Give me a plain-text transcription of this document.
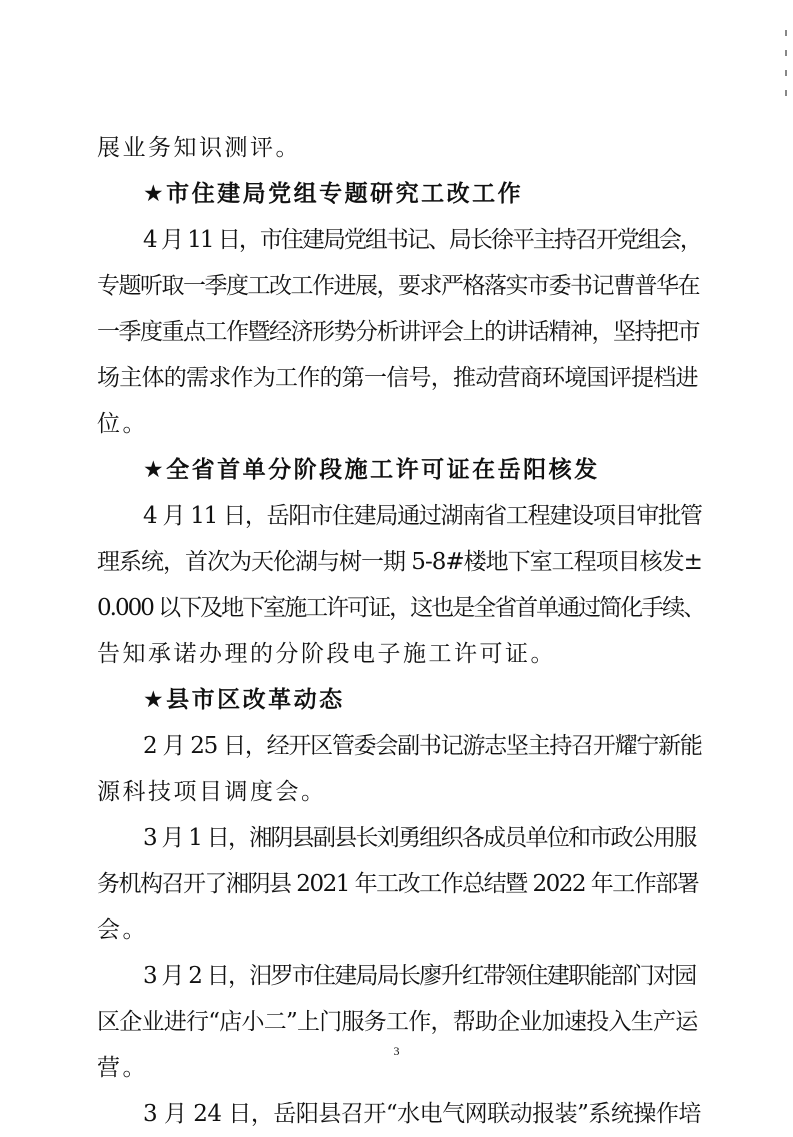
展业务知识测评。
★市住建局党组专题研究工改工作
4 月 11 日，市住建局党组书记、局长徐平主持召开党组会，
专题听取一季度工改工作进展，要求严格落实市委书记曹普华在
一季度重点工作暨经济形势分析讲评会上的讲话精神，坚持把市
场主体的需求作为工作的第一信号，推动营商环境国评提档进
位。
★全省首单分阶段施工许可证在岳阳核发
4 月 11 日，岳阳市住建局通过湖南省工程建设项目审批管
理系统，首次为天伦湖与树一期 5-8#楼地下室工程项目核发±
0.000 以下及地下室施工许可证，这也是全省首单通过简化手续、
告知承诺办理的分阶段电子施工许可证。
★县市区改革动态
2 月 25 日，经开区管委会副书记游志坚主持召开耀宁新能
源科技项目调度会。
3 月 1 日，湘阴县副县长刘勇组织各成员单位和市政公用服
务机构召开了湘阴县 2021 年工改工作总结暨 2022 年工作部署
会。
3 月 2 日，汨罗市住建局局长廖升红带领住建职能部门对园
区企业进行“店小二”上门服务工作，帮助企业加速投入生产运
营。
3 月 24 日，岳阳县召开“水电气网联动报装”系统操作培
3
